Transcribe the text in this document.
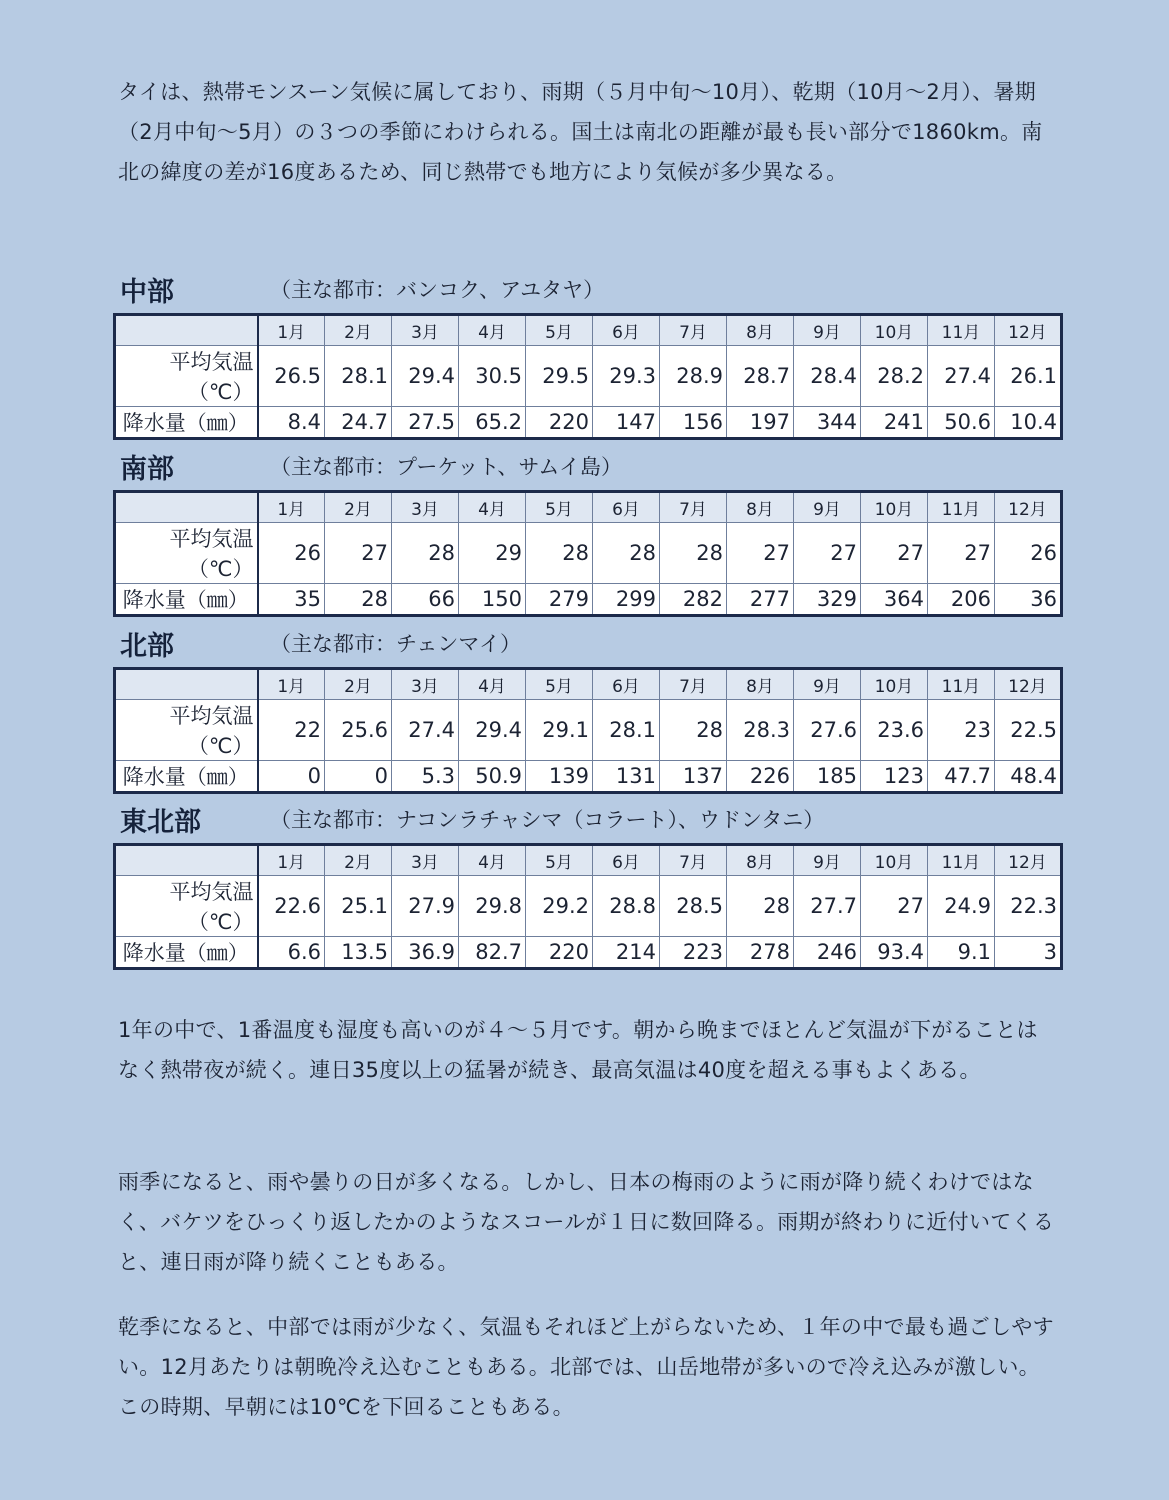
タイは、熱帯モンスーン気候に属しており、雨期（５月中旬～10月）、乾期（10月～2月）、暑期（2月中旬～5月）の３つの季節にわけられる。国土は南北の距離が最も長い部分で1860km。南北の緯度の差が16度あるため、同じ熱帯でも地方により気候が多少異なる。

中部	（主な都市：バンコク、アユタヤ）
	1月	2月	3月	4月	5月	6月	7月	8月	9月	10月	11月	12月
平均気温（℃）	26.5	28.1	29.4	30.5	29.5	29.3	28.9	28.7	28.4	28.2	27.4	26.1
降水量（㎜）	8.4	24.7	27.5	65.2	220	147	156	197	344	241	50.6	10.4
南部	（主な都市：プーケット、サムイ島）
	1月	2月	3月	4月	5月	6月	7月	8月	9月	10月	11月	12月
平均気温（℃）	26	27	28	29	28	28	28	27	27	27	27	26
降水量（㎜）	35	28	66	150	279	299	282	277	329	364	206	36
北部	（主な都市：チェンマイ）
	1月	2月	3月	4月	5月	6月	7月	8月	9月	10月	11月	12月
平均気温（℃）	22	25.6	27.4	29.4	29.1	28.1	28	28.3	27.6	23.6	23	22.5
降水量（㎜）	0	0	5.3	50.9	139	131	137	226	185	123	47.7	48.4
東北部	（主な都市：ナコンラチャシマ（コラート）、ウドンタニ）
	1月	2月	3月	4月	5月	6月	7月	8月	9月	10月	11月	12月
平均気温（℃）	22.6	25.1	27.9	29.8	29.2	28.8	28.5	28	27.7	27	24.9	22.3
降水量（㎜）	6.6	13.5	36.9	82.7	220	214	223	278	246	93.4	9.1	3

1年の中で、1番温度も湿度も高いのが４～５月です。朝から晩までほとんど気温が下がることはなく熱帯夜が続く。連日35度以上の猛暑が続き、最高気温は40度を超える事もよくある。

雨季になると、雨や曇りの日が多くなる。しかし、日本の梅雨のように雨が降り続くわけではなく、バケツをひっくり返したかのようなスコールが１日に数回降る。雨期が終わりに近付いてくると、連日雨が降り続くこともある。

乾季になると、中部では雨が少なく、気温もそれほど上がらないため、１年の中で最も過ごしやすい。12月あたりは朝晩冷え込むこともある。北部では、山岳地帯が多いので冷え込みが激しい。この時期、早朝には10℃を下回ることもある。
